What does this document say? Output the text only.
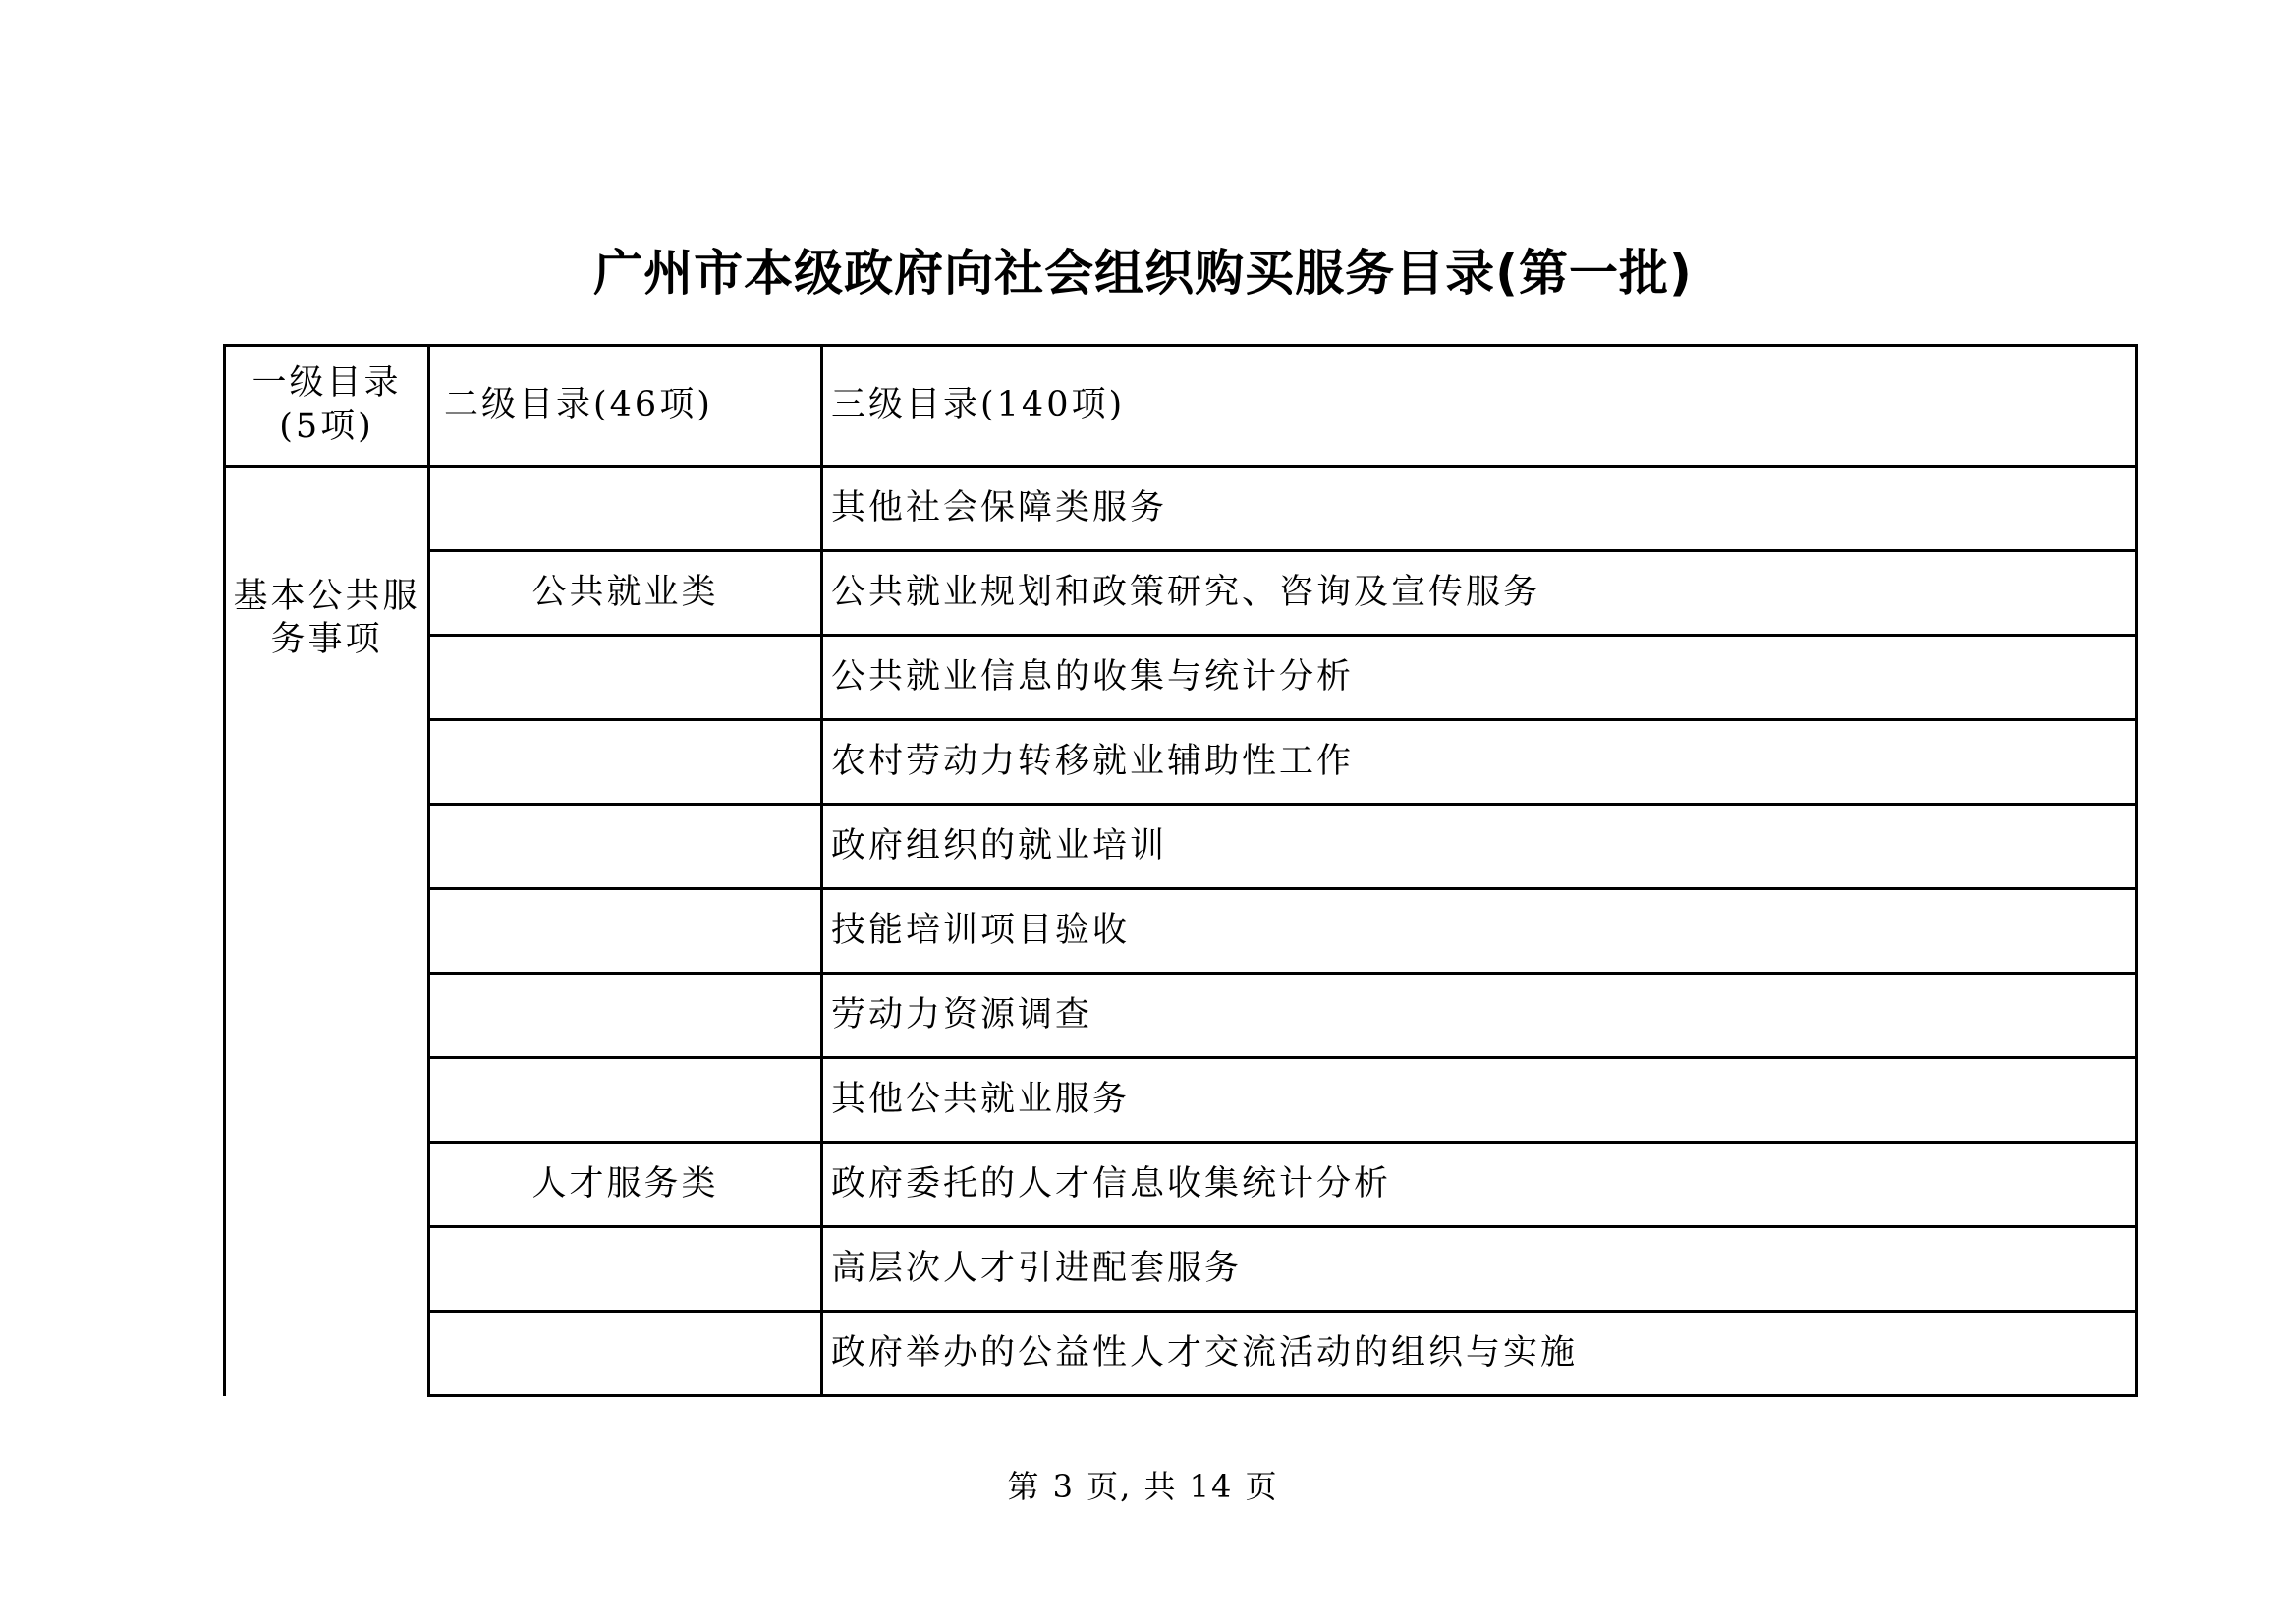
广州市本级政府向社会组织购买服务目录(第一批)
一级目录
(5项)	二级目录(46项)	三级目录(140项)

基本公共服
务事项		其他社会保障类服务
	公共就业类	公共就业规划和政策研究、咨询及宣传服务
		公共就业信息的收集与统计分析
		农村劳动力转移就业辅助性工作
		政府组织的就业培训
		技能培训项目验收
		劳动力资源调查
		其他公共就业服务
	人才服务类	政府委托的人才信息收集统计分析
		高层次人才引进配套服务
		政府举办的公益性人才交流活动的组织与实施
第 3 页, 共 14 页
